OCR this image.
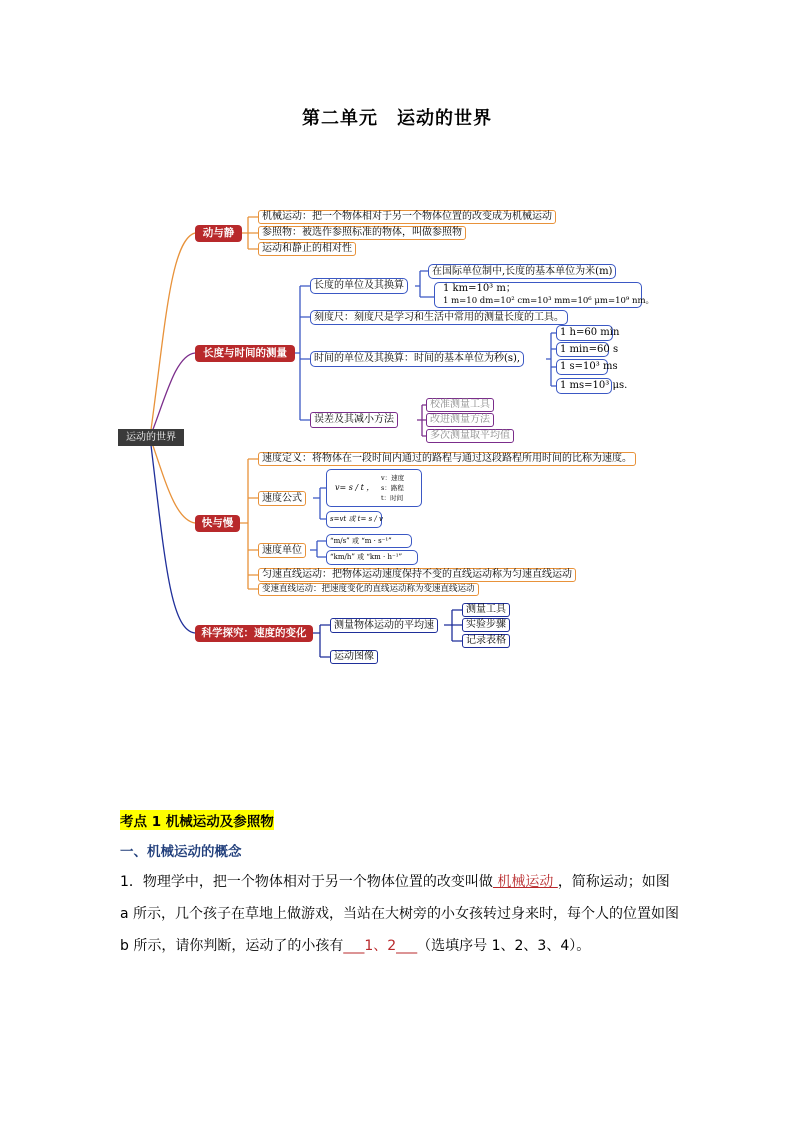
第二单元　运动的世界
运动的世界
动与静
机械运动：把一个物体相对于另一个物体位置的改变成为机械运动
参照物：被选作参照标准的物体，叫做参照物
运动和静止的相对性
长度与时间的测量
长度的单位及其换算
在国际单位制中,长度的基本单位为米(m)
1 km=10³ m；
1 m=10 dm=10² cm=10³ mm=10⁶ μm=10⁹ nm。
刻度尺：刻度尺是学习和生活中常用的测量长度的工具。
时间的单位及其换算：时间的基本单位为秒(s),
1 h=60 min
1 min=60 s
1 s=10³ ms
1 ms=10³ μs.
误差及其减小方法
校准测量工具
改进测量方法
多次测量取平均值
快与慢
速度定义：将物体在一段时间内通过的路程与通过这段路程所用时间的比称为速度。
速度公式
v= s / t ，
v：速度
s：路程
t：时间
s=vt 或 t= s / v
速度单位
“m/s” 或 “m · s⁻¹”
“km/h” 或 “km · h⁻¹”
匀速直线运动：把物体运动速度保持不变的直线运动称为匀速直线运动
变速直线运动：把速度变化的直线运动称为变速直线运动
科学探究：速度的变化
测量物体运动的平均速
测量工具
实验步骤
记录表格
运动图像
考点 1 机械运动及参照物
一、机械运动的概念
1．物理学中，把一个物体相对于另一个物体位置的改变叫做 机械运动 ，简称运动；如图
a 所示，几个孩子在草地上做游戏，当站在大树旁的小女孩转过身来时，每个人的位置如图
b 所示，请你判断，运动了的小孩有___1、2___（选填序号 1、2、3、4）。
